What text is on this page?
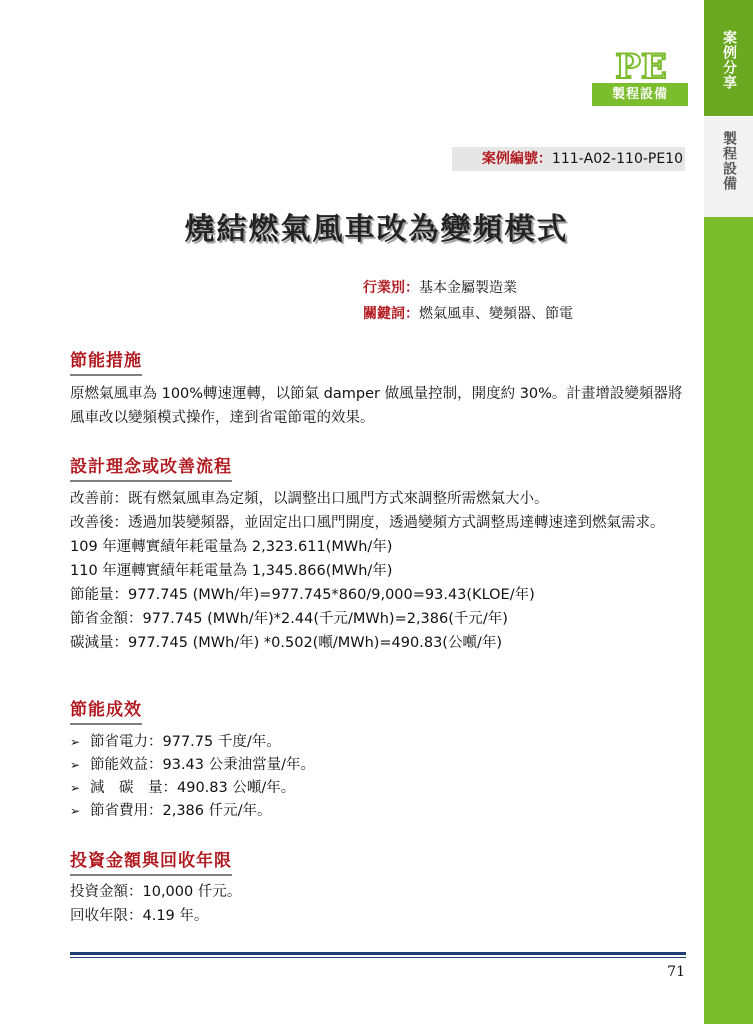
案例分享
製程設備
PE
製程設備
案例編號：111-A02-110-PE10
燒結燃氣風車改為變頻模式
行業別：基本金屬製造業
關鍵詞：燃氣風車、變頻器、節電
節能措施

原燃氣風車為 100%轉速運轉，以節氣 damper 做風量控制，開度約 30%。計畫增設變頻器將風車改以變頻模式操作，達到省電節電的效果。

設計理念或改善流程

改善前：既有燃氣風車為定頻，以調整出口風門方式來調整所需燃氣大小。

改善後：透過加裝變頻器，並固定出口風門開度，透過變頻方式調整馬達轉速達到燃氣需求。

109 年運轉實績年耗電量為 2,323.611(MWh/年)

110 年運轉實績年耗電量為 1,345.866(MWh/年)

節能量：977.745 (MWh/年)=977.745*860/9,000=93.43(KLOE/年)

節省金額：977.745 (MWh/年)*2.44(千元/MWh)=2,386(千元/年)

碳減量：977.745 (MWh/年) *0.502(噸/MWh)=490.83(公噸/年)

節能成效
➢ 節省電力：977.75 千度/年。
➢ 節能效益：93.43 公秉油當量/年。
➢ 減　碳　量：490.83 公噸/年。
➢ 節省費用：2,386 仟元/年。
投資金額與回收年限

投資金額：10,000 仟元。

回收年限：4.19 年。

71
